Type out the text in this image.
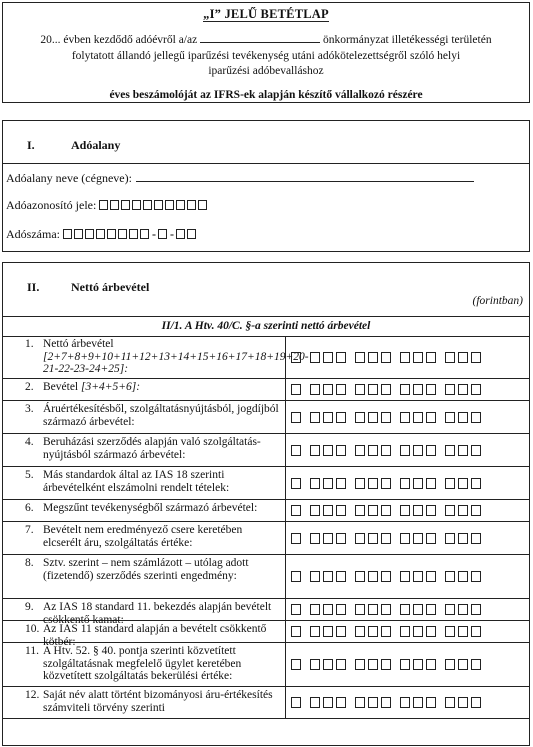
„I” JELŰ BETÉTLAP
20... évben kezdődő adóévről a/az	önkormányzat illetékességi területén
folytatott állandó jellegű iparűzési tevékenység utáni adókötelezettségről szóló helyi
iparűzési adóbevalláshoz
éves beszámolóját az IFRS-ek alapján készítő vállalkozó részére
I.	Adóalany
Adóalany neve (cégneve):
Adóazonosító jele:
Adószáma:	- -
II.	Nettó árbevétel
(forintban)
II/1. A Htv. 40/C. §-a szerinti nettó árbevétel
1. Nettó árbevétel [2+7+8+9+10+11+12+13+14+15+16+17+18+19+20-21-22-23-24+25]:
2. Bevétel [3+4+5+6]:
3. Áruértékesítésből, szolgáltatásnyújtásból, jogdíjból származó árbevétel:
4. Beruházási szerződés alapján való szolgáltatás-nyújtásból származó árbevétel:
5. Más standardok által az IAS 18 szerinti árbevételként elszámolni rendelt tételek:
6. Megszűnt tevékenységből származó árbevétel:
7. Bevételt nem eredményező csere keretében elcserélt áru, szolgáltatás értéke:
8. Sztv. szerint – nem számlázott – utólag adott (fizetendő) szerződés szerinti engedmény:
9. Az IAS 18 standard 11. bekezdés alapján bevételt csökkentő kamat:
10. Az IAS 11 standard alapján a bevételt csökkentő kötbér:
11. A Htv. 52. § 40. pontja szerinti közvetített szolgáltatásnak megfelelő ügylet keretében közvetített szolgáltatás bekerülési értéke:
12. Saját név alatt történt bizományosi áru-értékesítés számviteli törvény szerinti
